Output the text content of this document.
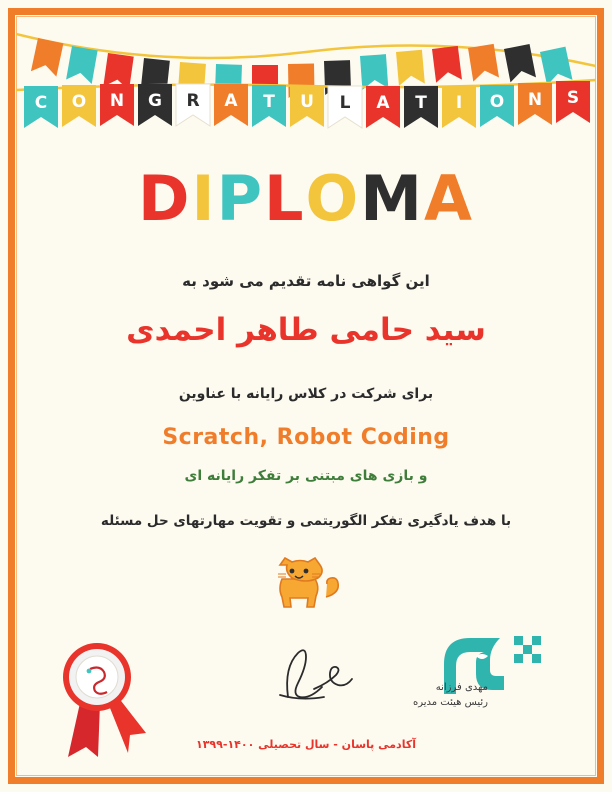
C O N G R A T U L A T I O N S
DIPLOMA
این گواهی نامه تقدیم می شود به
سید حامی طاهر احمدی
برای شرکت در کلاس رایانه با عناوین
Scratch, Robot Coding
و بازی های مبتنی بر تفکر رایانه ای
با هدف یادگیری تفکر الگوریتمی و تقویت مهارتهای حل مسئله
مهدی فرزانه
رئیس هیئت مدیره
آکادمی پاسان - سال تحصیلی ۱۴۰۰-۱۳۹۹
